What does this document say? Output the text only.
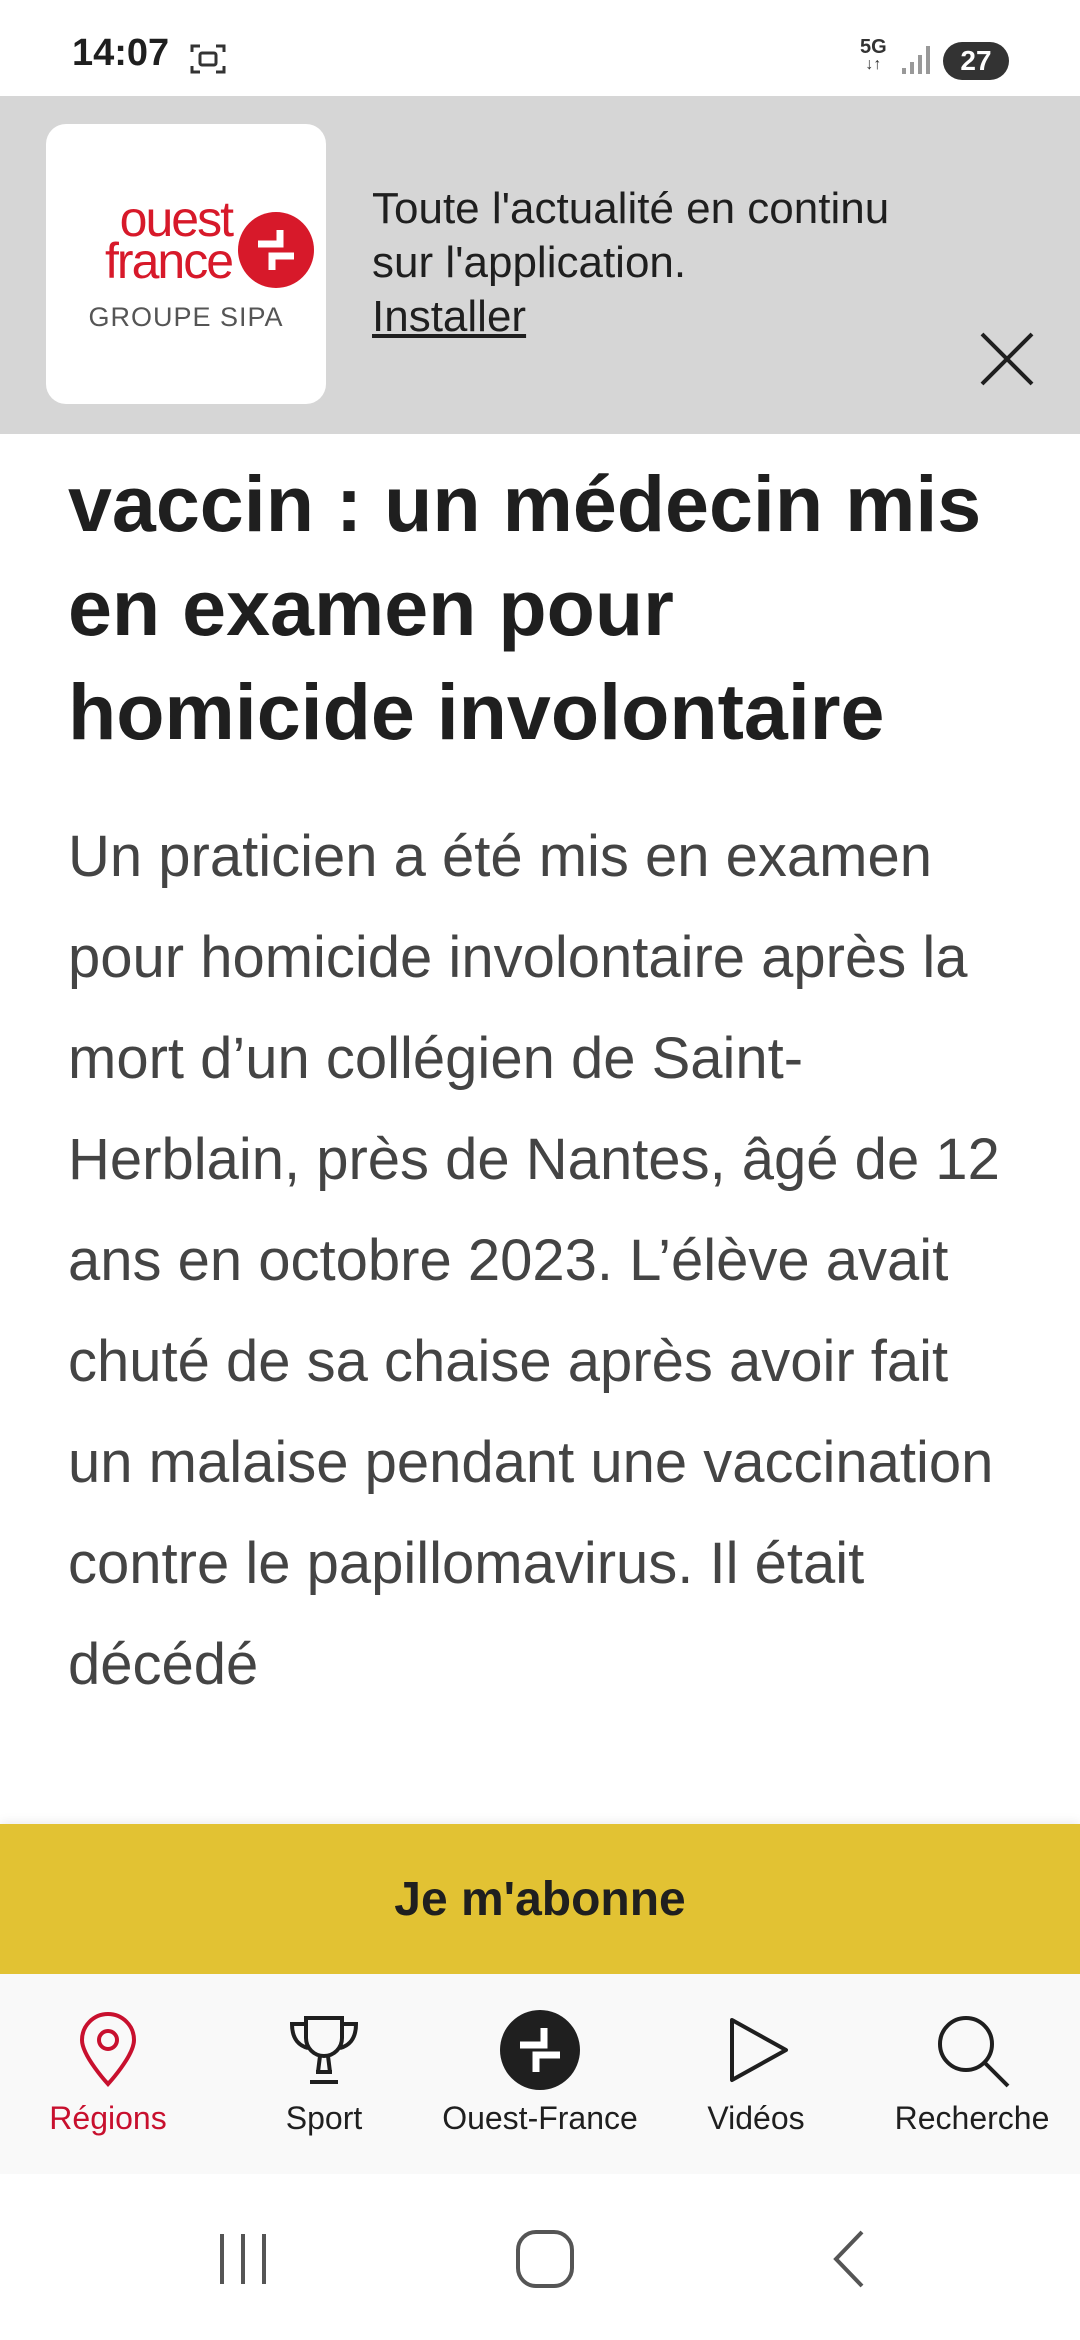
14:07	5G
↓↑	27
ouest
france
GROUPE SIPA
Toute l'actualité en continu sur l'application.
Installer
vaccin : un médecin mis en examen pour homicide involontaire

Un praticien a été mis en examen pour homicide involontaire après la mort d’un collégien de Saint-Herblain, près de Nantes, âgé de 12 ans en octobre 2023. L’élève avait chuté de sa chaise après avoir fait un malaise pendant une vaccination contre le papillomavirus. Il était décédé

Je m'abonne
Régions	Sport	Ouest-France	Vidéos	Recherche
